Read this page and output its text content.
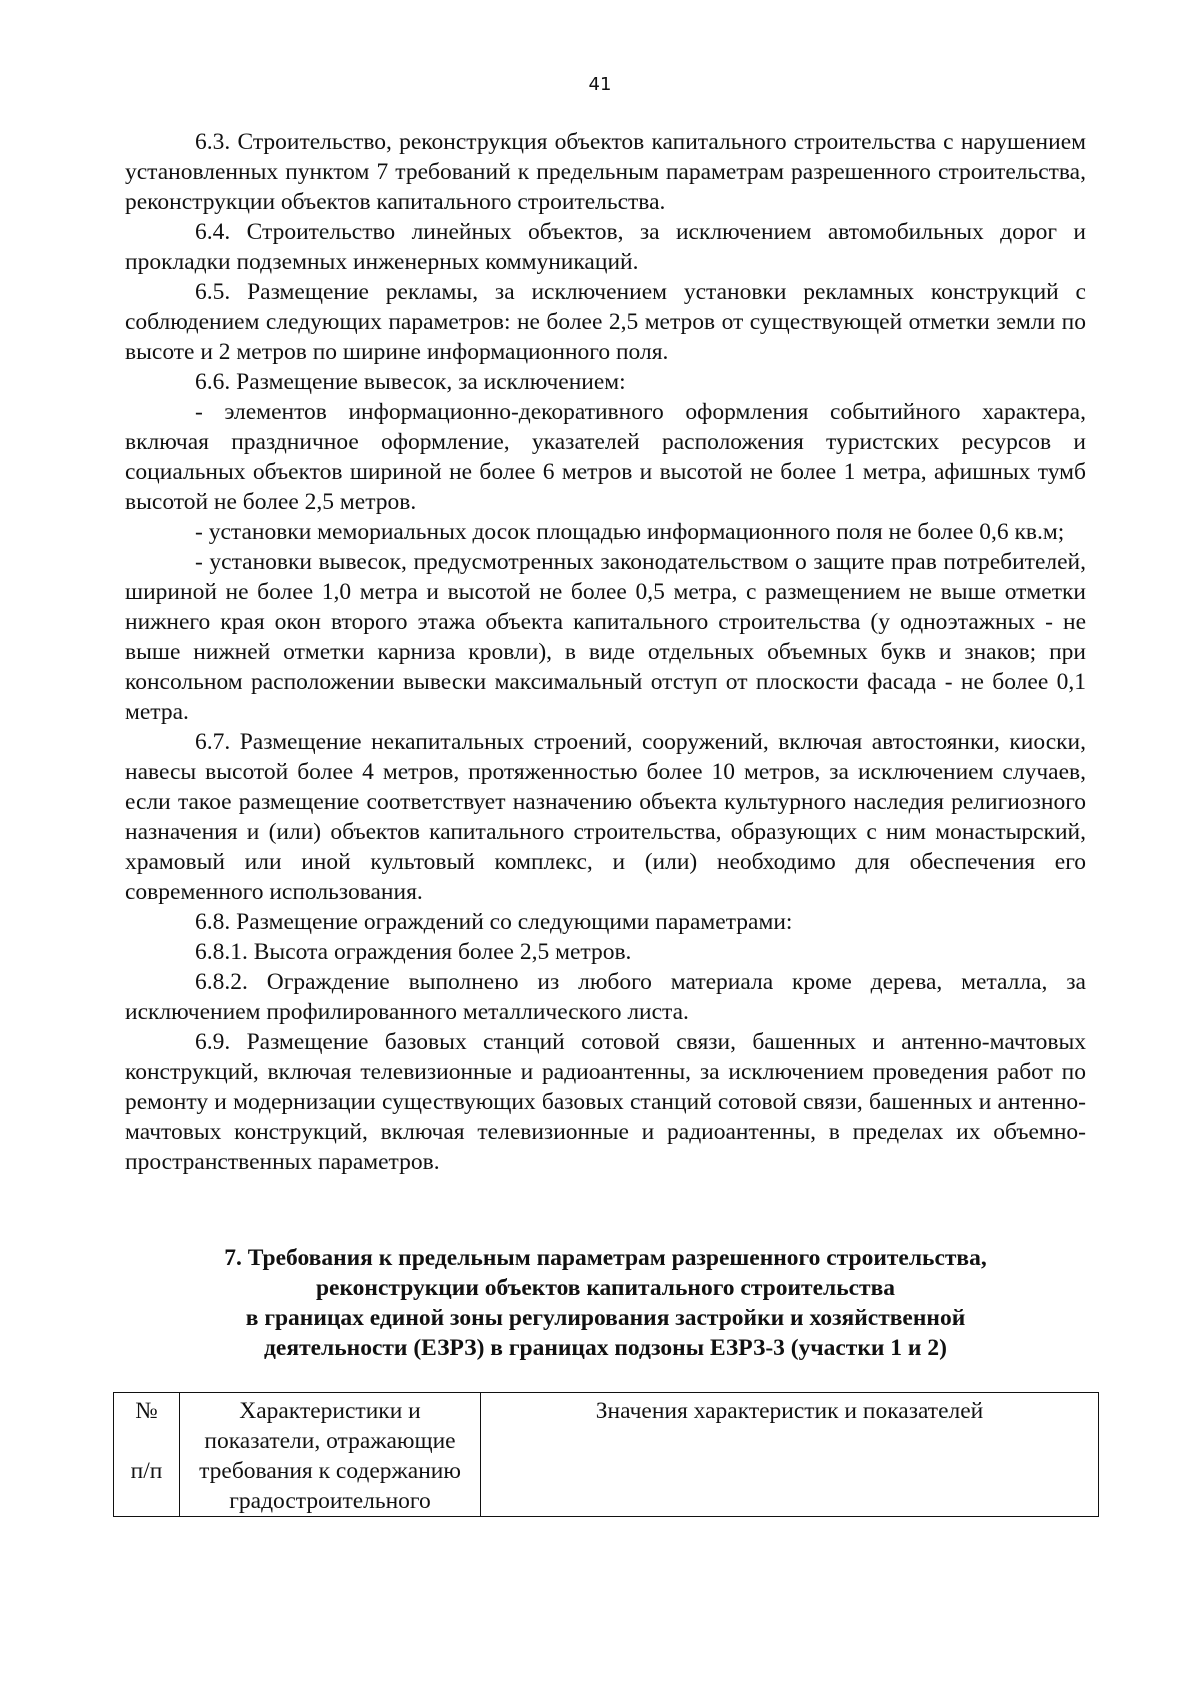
41

6.3. Строительство, реконструкция объектов капитального строительства с нарушением установленных пунктом 7 требований к предельным параметрам разрешенного строительства, реконструкции объектов капитального строительства.

6.4. Строительство линейных объектов, за исключением автомобильных дорог и прокладки подземных инженерных коммуникаций.

6.5. Размещение рекламы, за исключением установки рекламных конструкций с соблюдением следующих параметров: не более 2,5 метров от существующей отметки земли по высоте и 2 метров по ширине информационного поля.

6.6. Размещение вывесок, за исключением:

- элементов информационно-декоративного оформления событийного характера, включая праздничное оформление, указателей расположения туристских ресурсов и социальных объектов шириной не более 6 метров и высотой не более 1 метра, афишных тумб высотой не более 2,5 метров.

- установки мемориальных досок площадью информационного поля не более 0,6 кв.м;

- установки вывесок, предусмотренных законодательством о защите прав потребителей, шириной не более 1,0 метра и высотой не более 0,5 метра, с размещением не выше отметки нижнего края окон второго этажа объекта капитального строительства (у одноэтажных - не выше нижней отметки карниза кровли), в виде отдельных объемных букв и знаков; при консольном расположении вывески максимальный отступ от плоскости фасада - не более 0,1 метра.

6.7. Размещение некапитальных строений, сооружений, включая автостоянки, киоски, навесы высотой более 4 метров, протяженностью более 10 метров, за исключением случаев, если такое размещение соответствует назначению объекта культурного наследия религиозного назначения и (или) объектов капитального строительства, образующих с ним монастырский, храмовый или иной культовый комплекс, и (или) необходимо для обеспечения его современного использования.

6.8. Размещение ограждений со следующими параметрами:

6.8.1. Высота ограждения более 2,5 метров.

6.8.2. Ограждение выполнено из любого материала кроме дерева, металла, за исключением профилированного металлического листа.

6.9. Размещение базовых станций сотовой связи, башенных и антенно-мачтовых конструкций, включая телевизионные и радиоантенны, за исключением проведения работ по ремонту и модернизации существующих базовых станций сотовой связи, башенных и антенно-мачтовых конструкций, включая телевизионные и радиоантенны, в пределах их объемно-пространственных параметров.

7. Требования к предельным параметрам разрешенного строительства,
реконструкции объектов капитального строительства
в границах единой зоны регулирования застройки и хозяйственной
деятельности (ЕЗРЗ) в границах подзоны ЕЗРЗ-3 (участки 1 и 2)
№

п/п	Характеристики и показатели, отражающие требования к содержанию градостроительного	Значения характеристик и показателей
